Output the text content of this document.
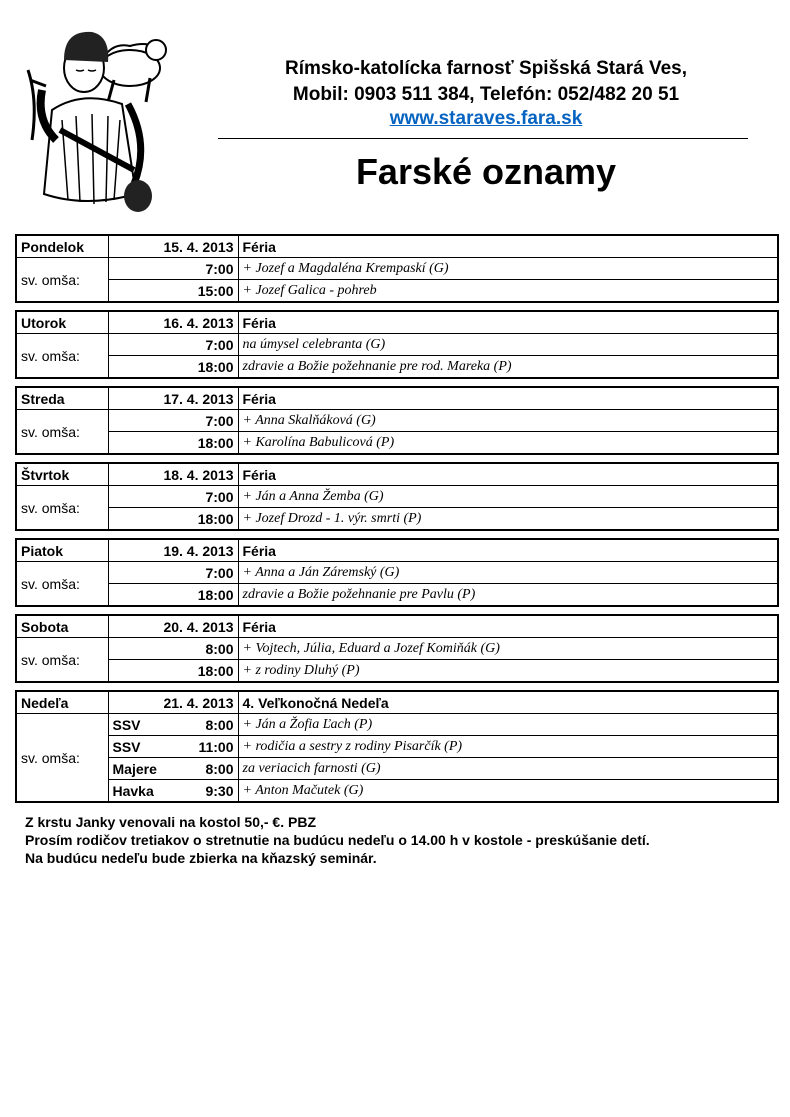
Rímsko-katolícka farnosť Spišská Stará Ves,
Mobil: 0903 511 384, Telefón: 052/482 20 51
www.staraves.fara.sk
Farské oznamy
Pondelok	15. 4. 2013	Féria
sv. omša:	7:00	+ Jozef a Magdaléna Krempaskí (G)
	15:00	+ Jozef Galica - pohreb
Utorok	16. 4. 2013	Féria
sv. omša:	7:00	na úmysel celebranta (G)
	18:00	zdravie a Božie požehnanie pre rod. Mareka (P)
Streda	17. 4. 2013	Féria
sv. omša:	7:00	+ Anna Skalňáková (G)
	18:00	+ Karolína Babulicová (P)
Štvrtok	18. 4. 2013	Féria
sv. omša:	7:00	+ Ján a Anna Žemba (G)
	18:00	+ Jozef Drozd - 1. výr. smrti (P)
Piatok	19. 4. 2013	Féria
sv. omša:	7:00	+ Anna a Ján Záremský (G)
	18:00	zdravie a Božie požehnanie pre Pavlu (P)
Sobota	20. 4. 2013	Féria
sv. omša:	8:00	+ Vojtech, Júlia, Eduard a Jozef Komiňák (G)
	18:00	+ z rodiny Dluhý (P)
Nedeľa	21. 4. 2013	4. Veľkonočná Nedeľa
sv. omša:	SSV 8:00	+ Ján a Žofia Ľach (P)

	SSV 11:00	+ rodičia a sestry z rodiny Pisarčík (P)

	Majere 8:00	za veriacich farnosti (G)

	Havka 9:30	+ Anton Mačutek (G)
Z krstu Janky venovali na kostol 50,- €. PBZ
Prosím rodičov tretiakov o stretnutie na budúcu nedeľu o 14.00 h v kostole - preskúšanie detí.
Na budúcu nedeľu bude zbierka na kňazský seminár.
